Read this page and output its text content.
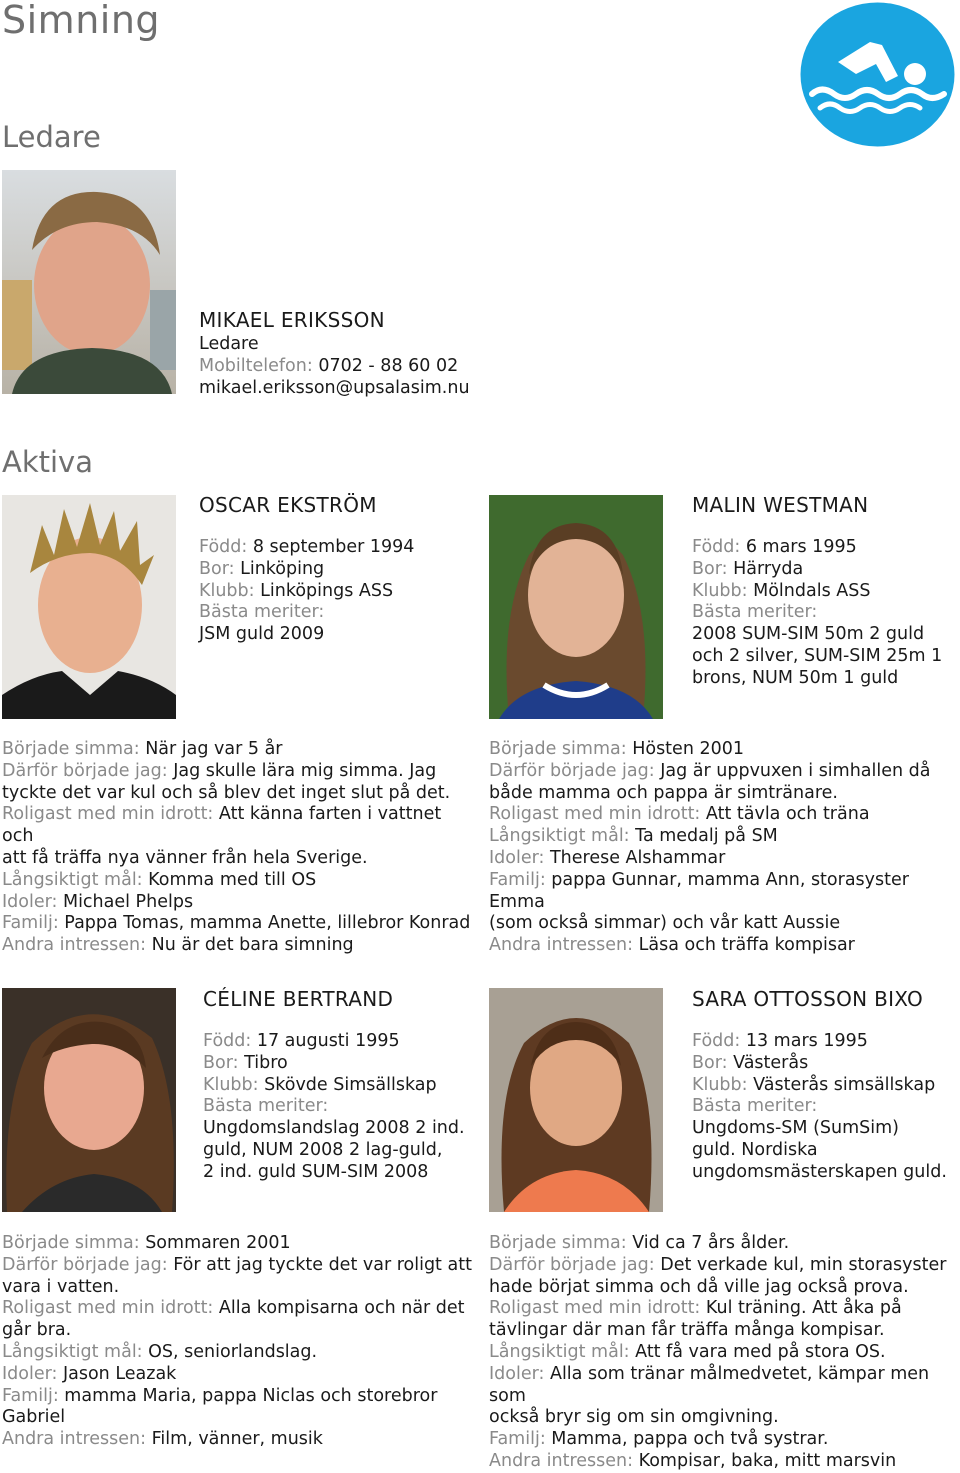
Simning
Ledare
MIKAEL ERIKSSON
Ledare
Mobiltelefon: 0702 - 88 60 02
mikael.eriksson@upsalasim.nu
Aktiva
OSCAR EKSTRÖM
Född: 8 september 1994
Bor: Linköping
Klubb: Linköpings ASS
Bästa meriter:
JSM guld 2009
MALIN WESTMAN
Född: 6 mars 1995
Bor: Härryda
Klubb: Mölndals ASS
Bästa meriter:
2008 SUM-SIM 50m 2 guld
och 2 silver, SUM-SIM 25m 1
brons, NUM 50m 1 guld
Började simma: När jag var 5 år
Därför började jag: Jag skulle lära mig simma. Jag
tyckte det var kul och så blev det inget slut på det.
Roligast med min idrott: Att känna farten i vattnet och
att få träffa nya vänner från hela Sverige.
Långsiktigt mål: Komma med till OS
Idoler: Michael Phelps
Familj: Pappa Tomas, mamma Anette, lillebror Konrad
Andra intressen: Nu är det bara simning
Började simma: Hösten 2001
Därför började jag: Jag är uppvuxen i simhallen då
både mamma och pappa är simtränare.
Roligast med min idrott: Att tävla och träna
Långsiktigt mål: Ta medalj på SM
Idoler: Therese Alshammar
Familj: pappa Gunnar, mamma Ann, storasyster Emma
(som också simmar) och vår katt Aussie
Andra intressen: Läsa och träffa kompisar
CÉLINE BERTRAND
Född: 17 augusti 1995
Bor: Tibro
Klubb: Skövde Simsällskap
Bästa meriter:
Ungdomslandslag 2008 2 ind.
guld, NUM 2008 2 lag-guld,
2 ind. guld SUM-SIM 2008
SARA OTTOSSON BIXO
Född: 13 mars 1995
Bor: Västerås
Klubb: Västerås simsällskap
Bästa meriter:
Ungdoms-SM (SumSim)
guld. Nordiska
ungdomsmästerskapen guld.
Började simma: Sommaren 2001
Därför började jag: För att jag tyckte det var roligt att
vara i vatten.
Roligast med min idrott: Alla kompisarna och när det
går bra.
Långsiktigt mål: OS, seniorlandslag.
Idoler: Jason Leazak
Familj: mamma Maria, pappa Niclas och storebror
Gabriel
Andra intressen: Film, vänner, musik
Började simma: Vid ca 7 års ålder.
Därför började jag: Det verkade kul, min storasyster
hade börjat simma och då ville jag också prova.
Roligast med min idrott: Kul träning. Att åka på
tävlingar där man får träffa många kompisar.
Långsiktigt mål: Att få vara med på stora OS.
Idoler: Alla som tränar målmedvetet, kämpar men som
också bryr sig om sin omgivning.
Familj: Mamma, pappa och två systrar.
Andra intressen: Kompisar, baka, mitt marsvin
